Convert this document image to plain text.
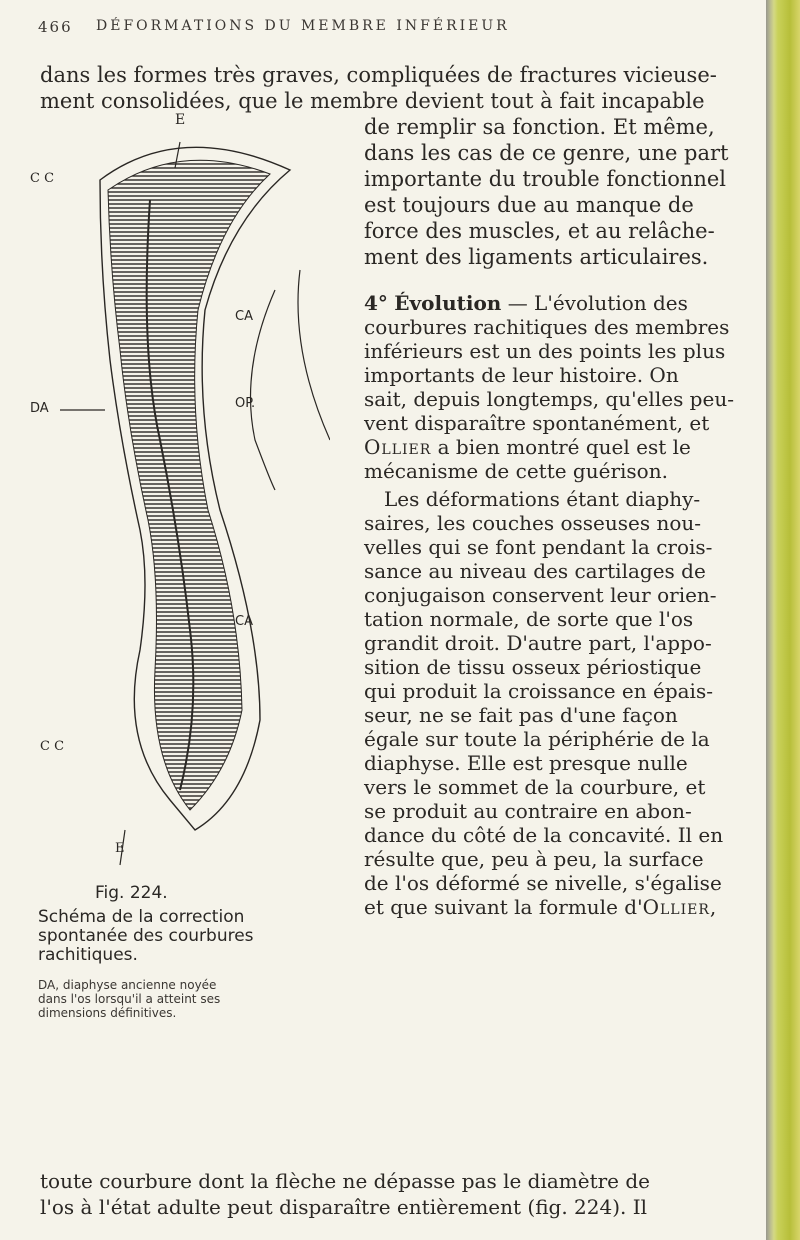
466 DÉFORMATIONS DU MEMBRE INFÉRIEUR
dans les formes très graves, compliquées de fractures vicieuse-
ment consolidées, que le membre devient tout à fait incapable
de remplir sa fonction. Et même,
dans les cas de ce genre, une part
importante du trouble fonctionnel
est toujours due au manque de
force des muscles, et au relâche-
ment des ligaments articulaires.
4° Évolution — L'évolution des
courbures rachitiques des membres
inférieurs est un des points les plus
importants de leur histoire. On
sait, depuis longtemps, qu'elles peu-
vent disparaître spontanément, et
Ollier a bien montré quel est le
mécanisme de cette guérison.
Les déformations étant diaphy-
saires, les couches osseuses nou-
velles qui se font pendant la crois-
sance au niveau des cartilages de
conjugaison conservent leur orien-
tation normale, de sorte que l'os
grandit droit. D'autre part, l'appo-
sition de tissu osseux périostique
qui produit la croissance en épais-
seur, ne se fait pas d'une façon
égale sur toute la périphérie de la
diaphyse. Elle est presque nulle
vers le sommet de la courbure, et
se produit au contraire en abon-
dance du côté de la concavité. Il en
résulte que, peu à peu, la surface
de l'os déformé se nivelle, s'égalise
et que suivant la formule d'Ollier,
toute courbure dont la flèche ne dépasse pas le diamètre de
l'os à l'état adulte peut disparaître entièrement (fig. 224). Il
E
C C
CA
DA	OP.
CA
C C
E
Fig. 224.
Schéma de la correction
spontanée des courbures
rachitiques.
DA, diaphyse ancienne noyée
dans l'os lorsqu'il a atteint ses
dimensions définitives.
